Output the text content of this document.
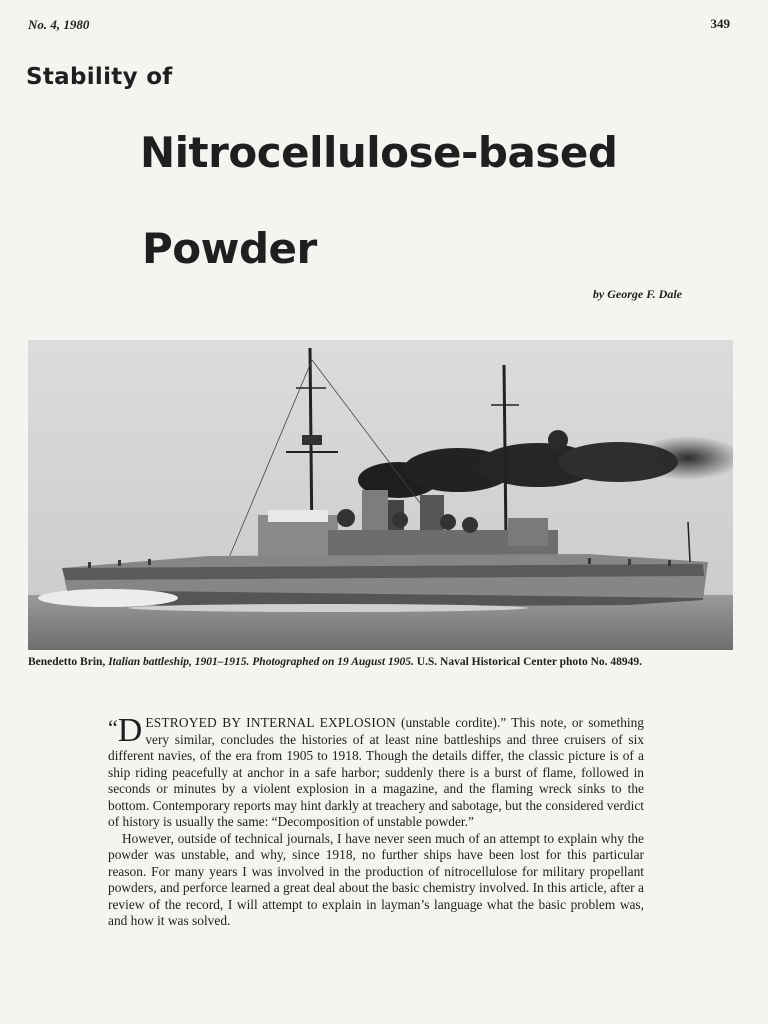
No. 4, 1980	349
Stability of
Nitrocellulose-based
Powder
by George F. Dale
Benedetto Brin, Italian battleship, 1901–1915. Photographed on 19 August 1905. U.S. Naval Historical Center photo No. 48949.

“ D ESTROYED BY INTERNAL EXPLOSION (unstable cordite).” This note, or something very similar, concludes the histories of at least nine battleships and three cruisers of six different navies, of the era from 1905 to 1918. Though the details differ, the classic picture is of a ship riding peacefully at anchor in a safe harbor; suddenly there is a burst of flame, followed in seconds or minutes by a violent explosion in a magazine, and the flaming wreck sinks to the bottom. Contemporary reports may hint darkly at treachery and sabotage, but the considered verdict of history is usually the same: “Decomposition of unstable powder.”

However, outside of technical journals, I have never seen much of an attempt to explain why the powder was unstable, and why, since 1918, no further ships have been lost for this particular reason. For many years I was involved in the production of nitrocellulose for military propellant powders, and perforce learned a great deal about the basic chemistry involved. In this article, after a review of the record, I will attempt to explain in layman’s language what the basic problem was, and how it was solved.
